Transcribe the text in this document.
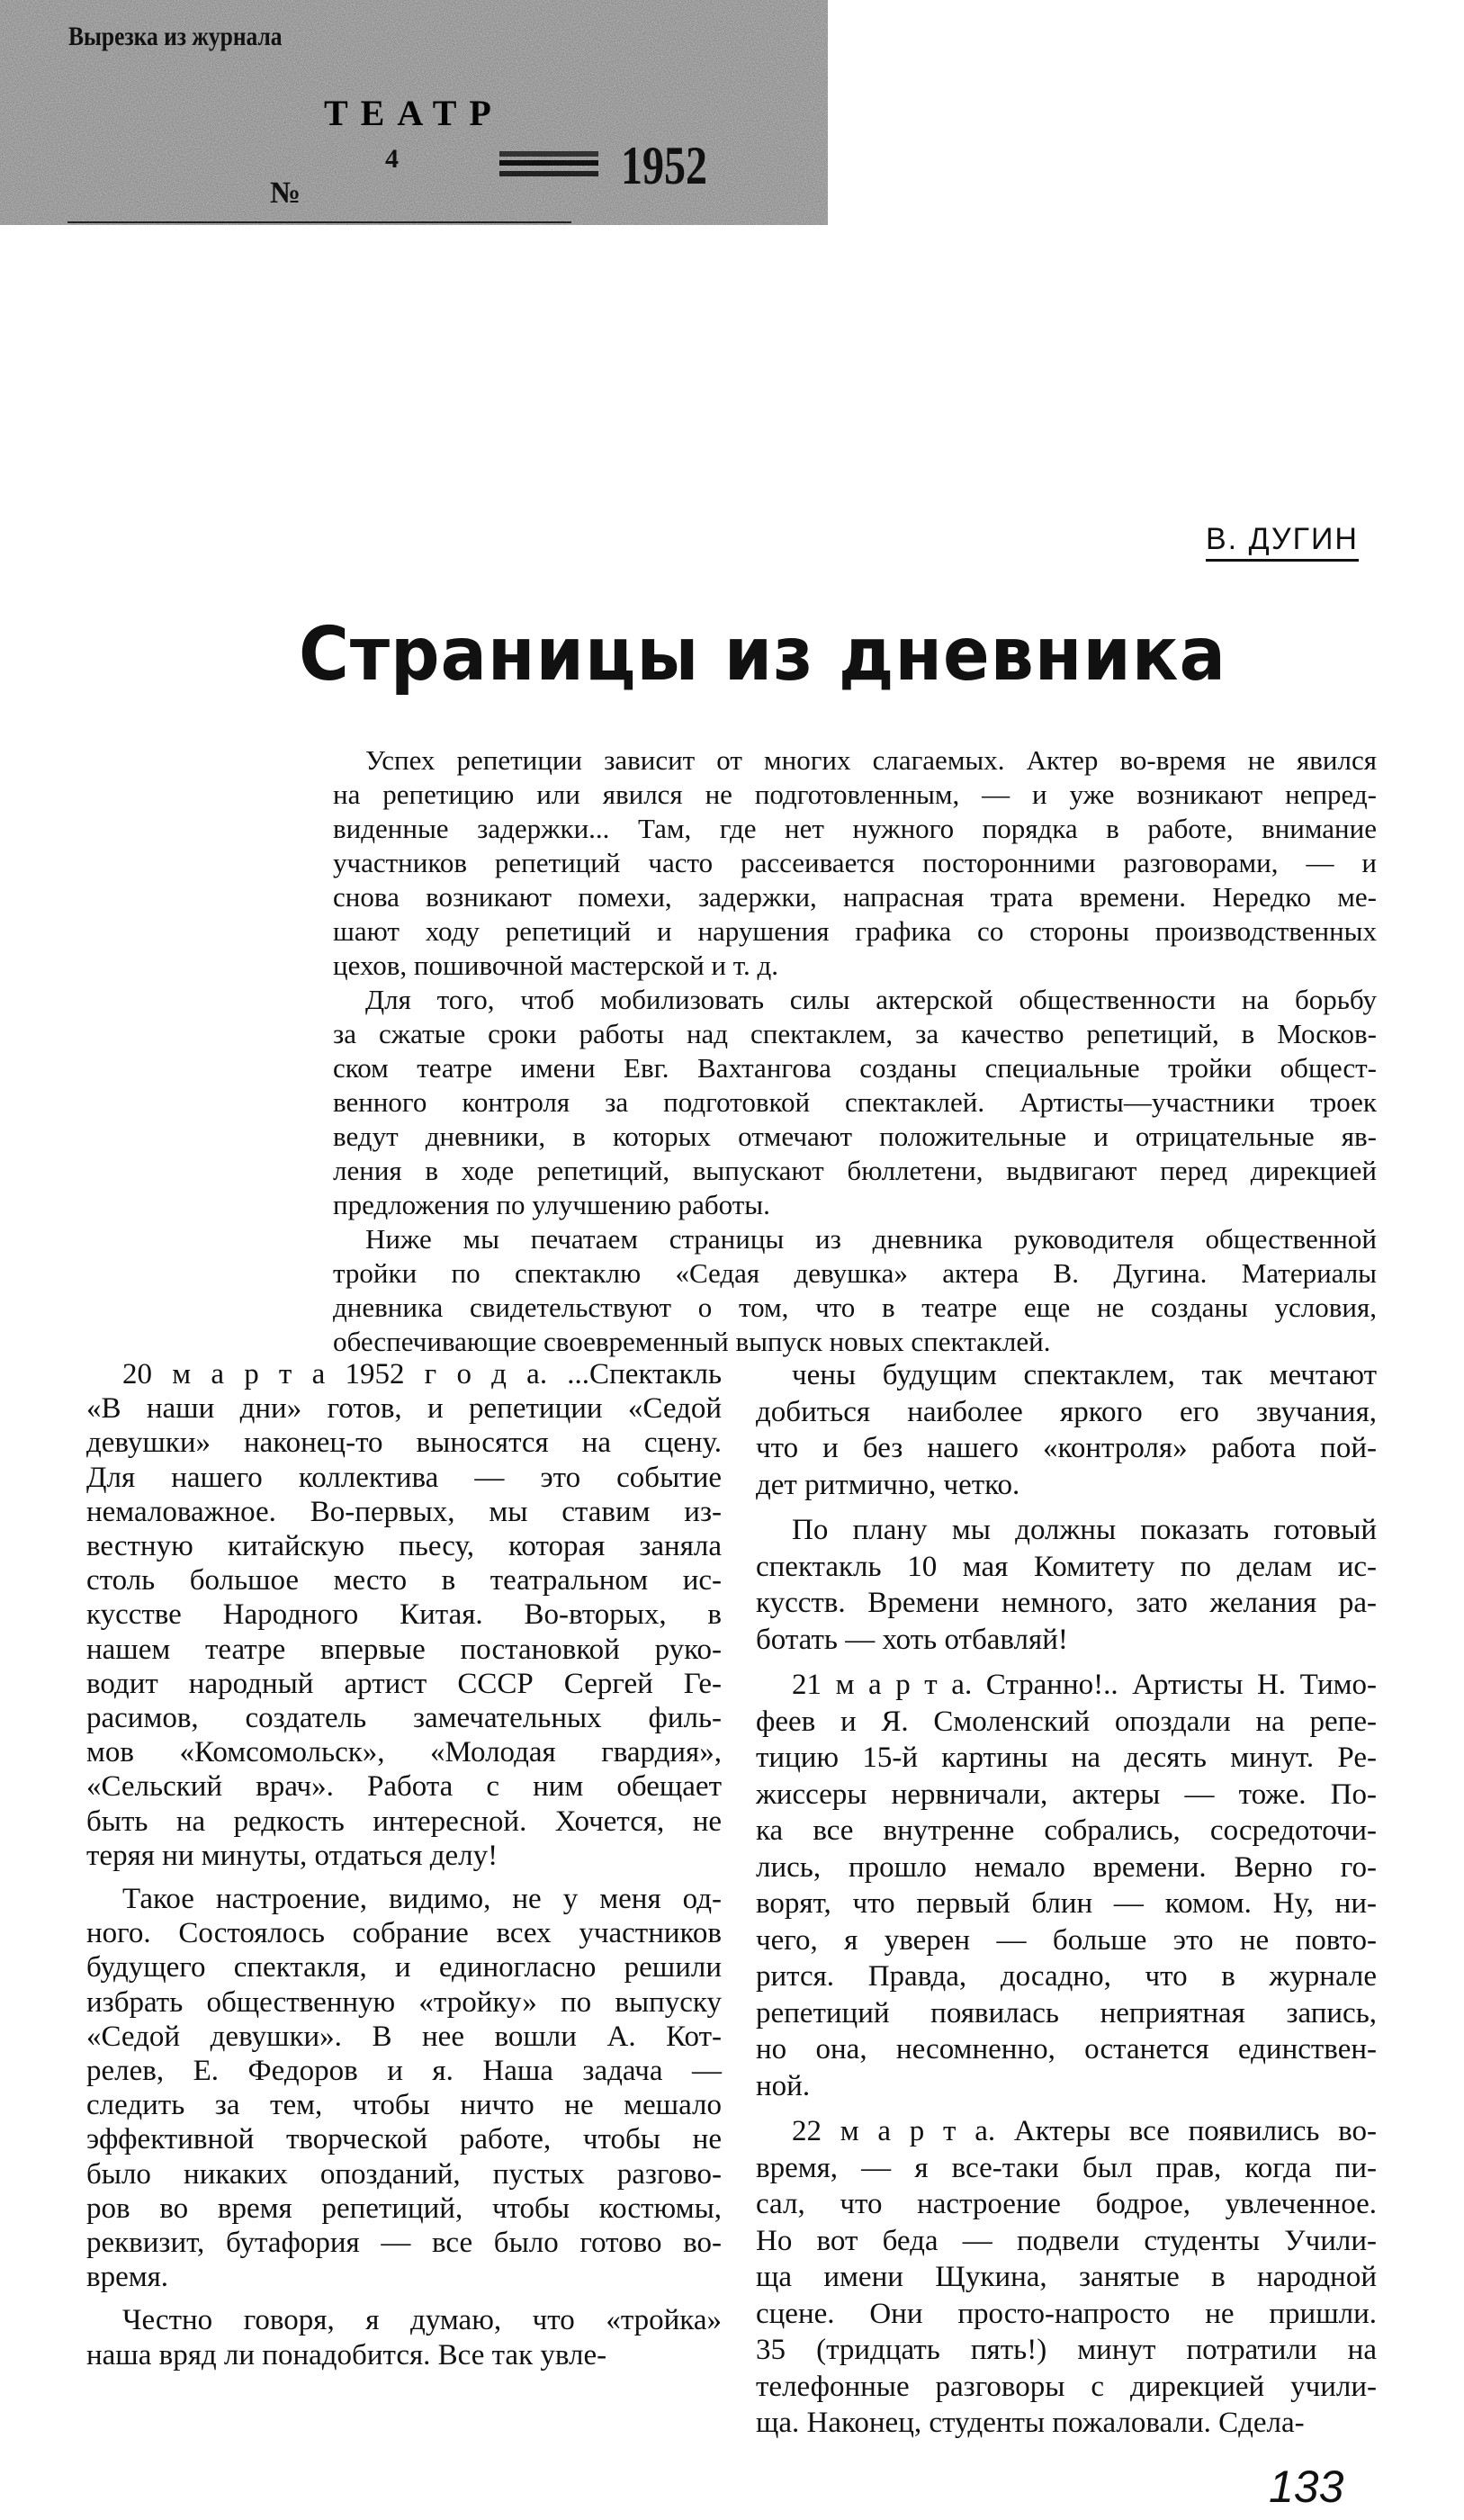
Вырезка из журнала
ТЕАТР
№
4	1952
В. ДУГИН
Страницы из дневника
Успех репетиции зависит от многих слагаемых. Актер во-время не явился
на репетицию или явился не подготовленным, — и уже возникают непред-
виденные задержки... Там, где нет нужного порядка в работе, внимание
участников репетиций часто рассеивается посторонними разговорами, — и
снова возникают помехи, задержки, напрасная трата времени. Нередко ме-
шают ходу репетиций и нарушения графика со стороны производственных
цехов, пошивочной мастерской и т. д.
Для того, чтоб мобилизовать силы актерской общественности на борьбу
за сжатые сроки работы над спектаклем, за качество репетиций, в Москов-
ском театре имени Евг. Вахтангова созданы специальные тройки общест-
венного контроля за подготовкой спектаклей. Артисты—участники троек
ведут дневники, в которых отмечают положительные и отрицательные яв-
ления в ходе репетиций, выпускают бюллетени, выдвигают перед дирекцией
предложения по улучшению работы.
Ниже мы печатаем страницы из дневника руководителя общественной
тройки по спектаклю «Седая девушка» актера В. Дугина. Материалы
дневника свидетельствуют о том, что в театре еще не созданы условия,
обеспечивающие своевременный выпуск новых спектаклей.
20 м а р т а 1952 г о д а. ...Спектакль
«В наши дни» готов, и репетиции «Седой
девушки» наконец-то выносятся на сцену.
Для нашего коллектива — это событие
немаловажное. Во-первых, мы ставим из-
вестную китайскую пьесу, которая заняла
столь большое место в театральном ис-
кусстве Народного Китая. Во-вторых, в
нашем театре впервые постановкой руко-
водит народный артист СССР Сергей Ге-
расимов, создатель замечательных филь-
мов «Комсомольск», «Молодая гвардия»,
«Сельский врач». Работа с ним обещает
быть на редкость интересной. Хочется, не
теряя ни минуты, отдаться делу!
Такое настроение, видимо, не у меня од-
ного. Состоялось собрание всех участников
будущего спектакля, и единогласно решили
избрать общественную «тройку» по выпуску
«Седой девушки». В нее вошли А. Кот-
релев, Е. Федоров и я. Наша задача —
следить за тем, чтобы ничто не мешало
эффективной творческой работе, чтобы не
было никаких опозданий, пустых разгово-
ров во время репетиций, чтобы костюмы,
реквизит, бутафория — все было готово во-
время.
Честно говоря, я думаю, что «тройка»
наша вряд ли понадобится. Все так увле-
чены будущим спектаклем, так мечтают
добиться наиболее яркого его звучания,
что и без нашего «контроля» работа пой-
дет ритмично, четко.
По плану мы должны показать готовый
спектакль 10 мая Комитету по делам ис-
кусств. Времени немного, зато желания ра-
ботать — хоть отбавляй!
21 м а р т а. Странно!.. Артисты Н. Тимо-
феев и Я. Смоленский опоздали на репе-
тицию 15-й картины на десять минут. Ре-
жиссеры нервничали, актеры — тоже. По-
ка все внутренне собрались, сосредоточи-
лись, прошло немало времени. Верно го-
ворят, что первый блин — комом. Ну, ни-
чего, я уверен — больше это не повто-
рится. Правда, досадно, что в журнале
репетиций появилась неприятная запись,
но она, несомненно, останется единствен-
ной.
22 м а р т а. Актеры все появились во-
время, — я все-таки был прав, когда пи-
сал, что настроение бодрое, увлеченное.
Но вот беда — подвели студенты Учили-
ща имени Щукина, занятые в народной
сцене. Они просто-напросто не пришли.
35 (тридцать пять!) минут потратили на
телефонные разговоры с дирекцией учили-
ща. Наконец, студенты пожаловали. Сдела-
133
